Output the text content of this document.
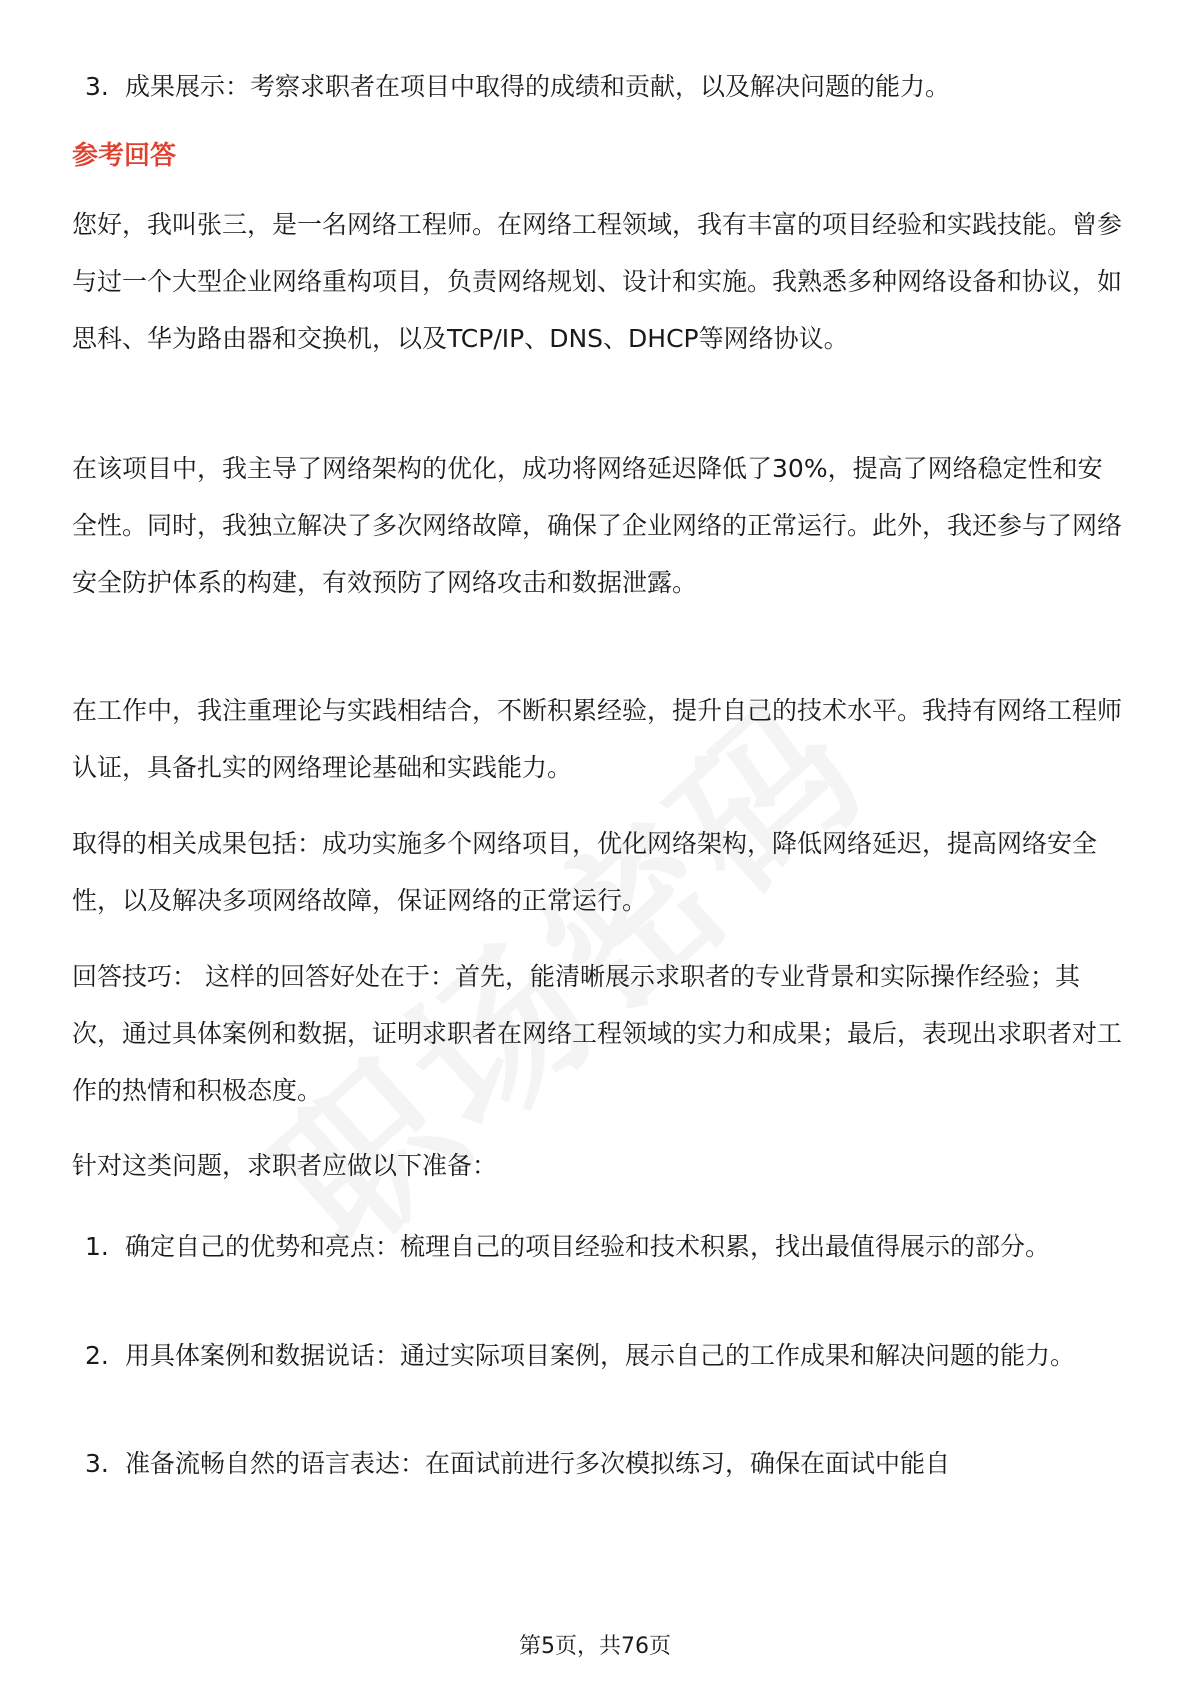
3. 成果展示：考察求职者在项目中取得的成绩和贡献，以及解决问题的能力。
参考回答
您好，我叫张三，是一名网络工程师。在网络工程领域，我有丰富的项目经验和实践技能。曾参与过一个大型企业网络重构项目，负责网络规划、设计和实施。我熟悉多种网络设备和协议，如思科、华为路由器和交换机，以及TCP/IP、DNS、DHCP等网络协议。
在该项目中，我主导了网络架构的优化，成功将网络延迟降低了30%，提高了网络稳定性和安全性。同时，我独立解决了多次网络故障，确保了企业网络的正常运行。此外，我还参与了网络安全防护体系的构建，有效预防了网络攻击和数据泄露。
在工作中，我注重理论与实践相结合，不断积累经验，提升自己的技术水平。我持有网络工程师认证，具备扎实的网络理论基础和实践能力。
取得的相关成果包括：成功实施多个网络项目，优化网络架构，降低网络延迟，提高网络安全性，以及解决多项网络故障，保证网络的正常运行。
回答技巧： 这样的回答好处在于：首先，能清晰展示求职者的专业背景和实际操作经验；其次，通过具体案例和数据，证明求职者在网络工程领域的实力和成果；最后，表现出求职者对工作的热情和积极态度。
针对这类问题，求职者应做以下准备：
1. 确定自己的优势和亮点：梳理自己的项目经验和技术积累，找出最值得展示的部分。
2. 用具体案例和数据说话：通过实际项目案例，展示自己的工作成果和解决问题的能力。
3. 准备流畅自然的语言表达：在面试前进行多次模拟练习，确保在面试中能自
第5页，共76页
